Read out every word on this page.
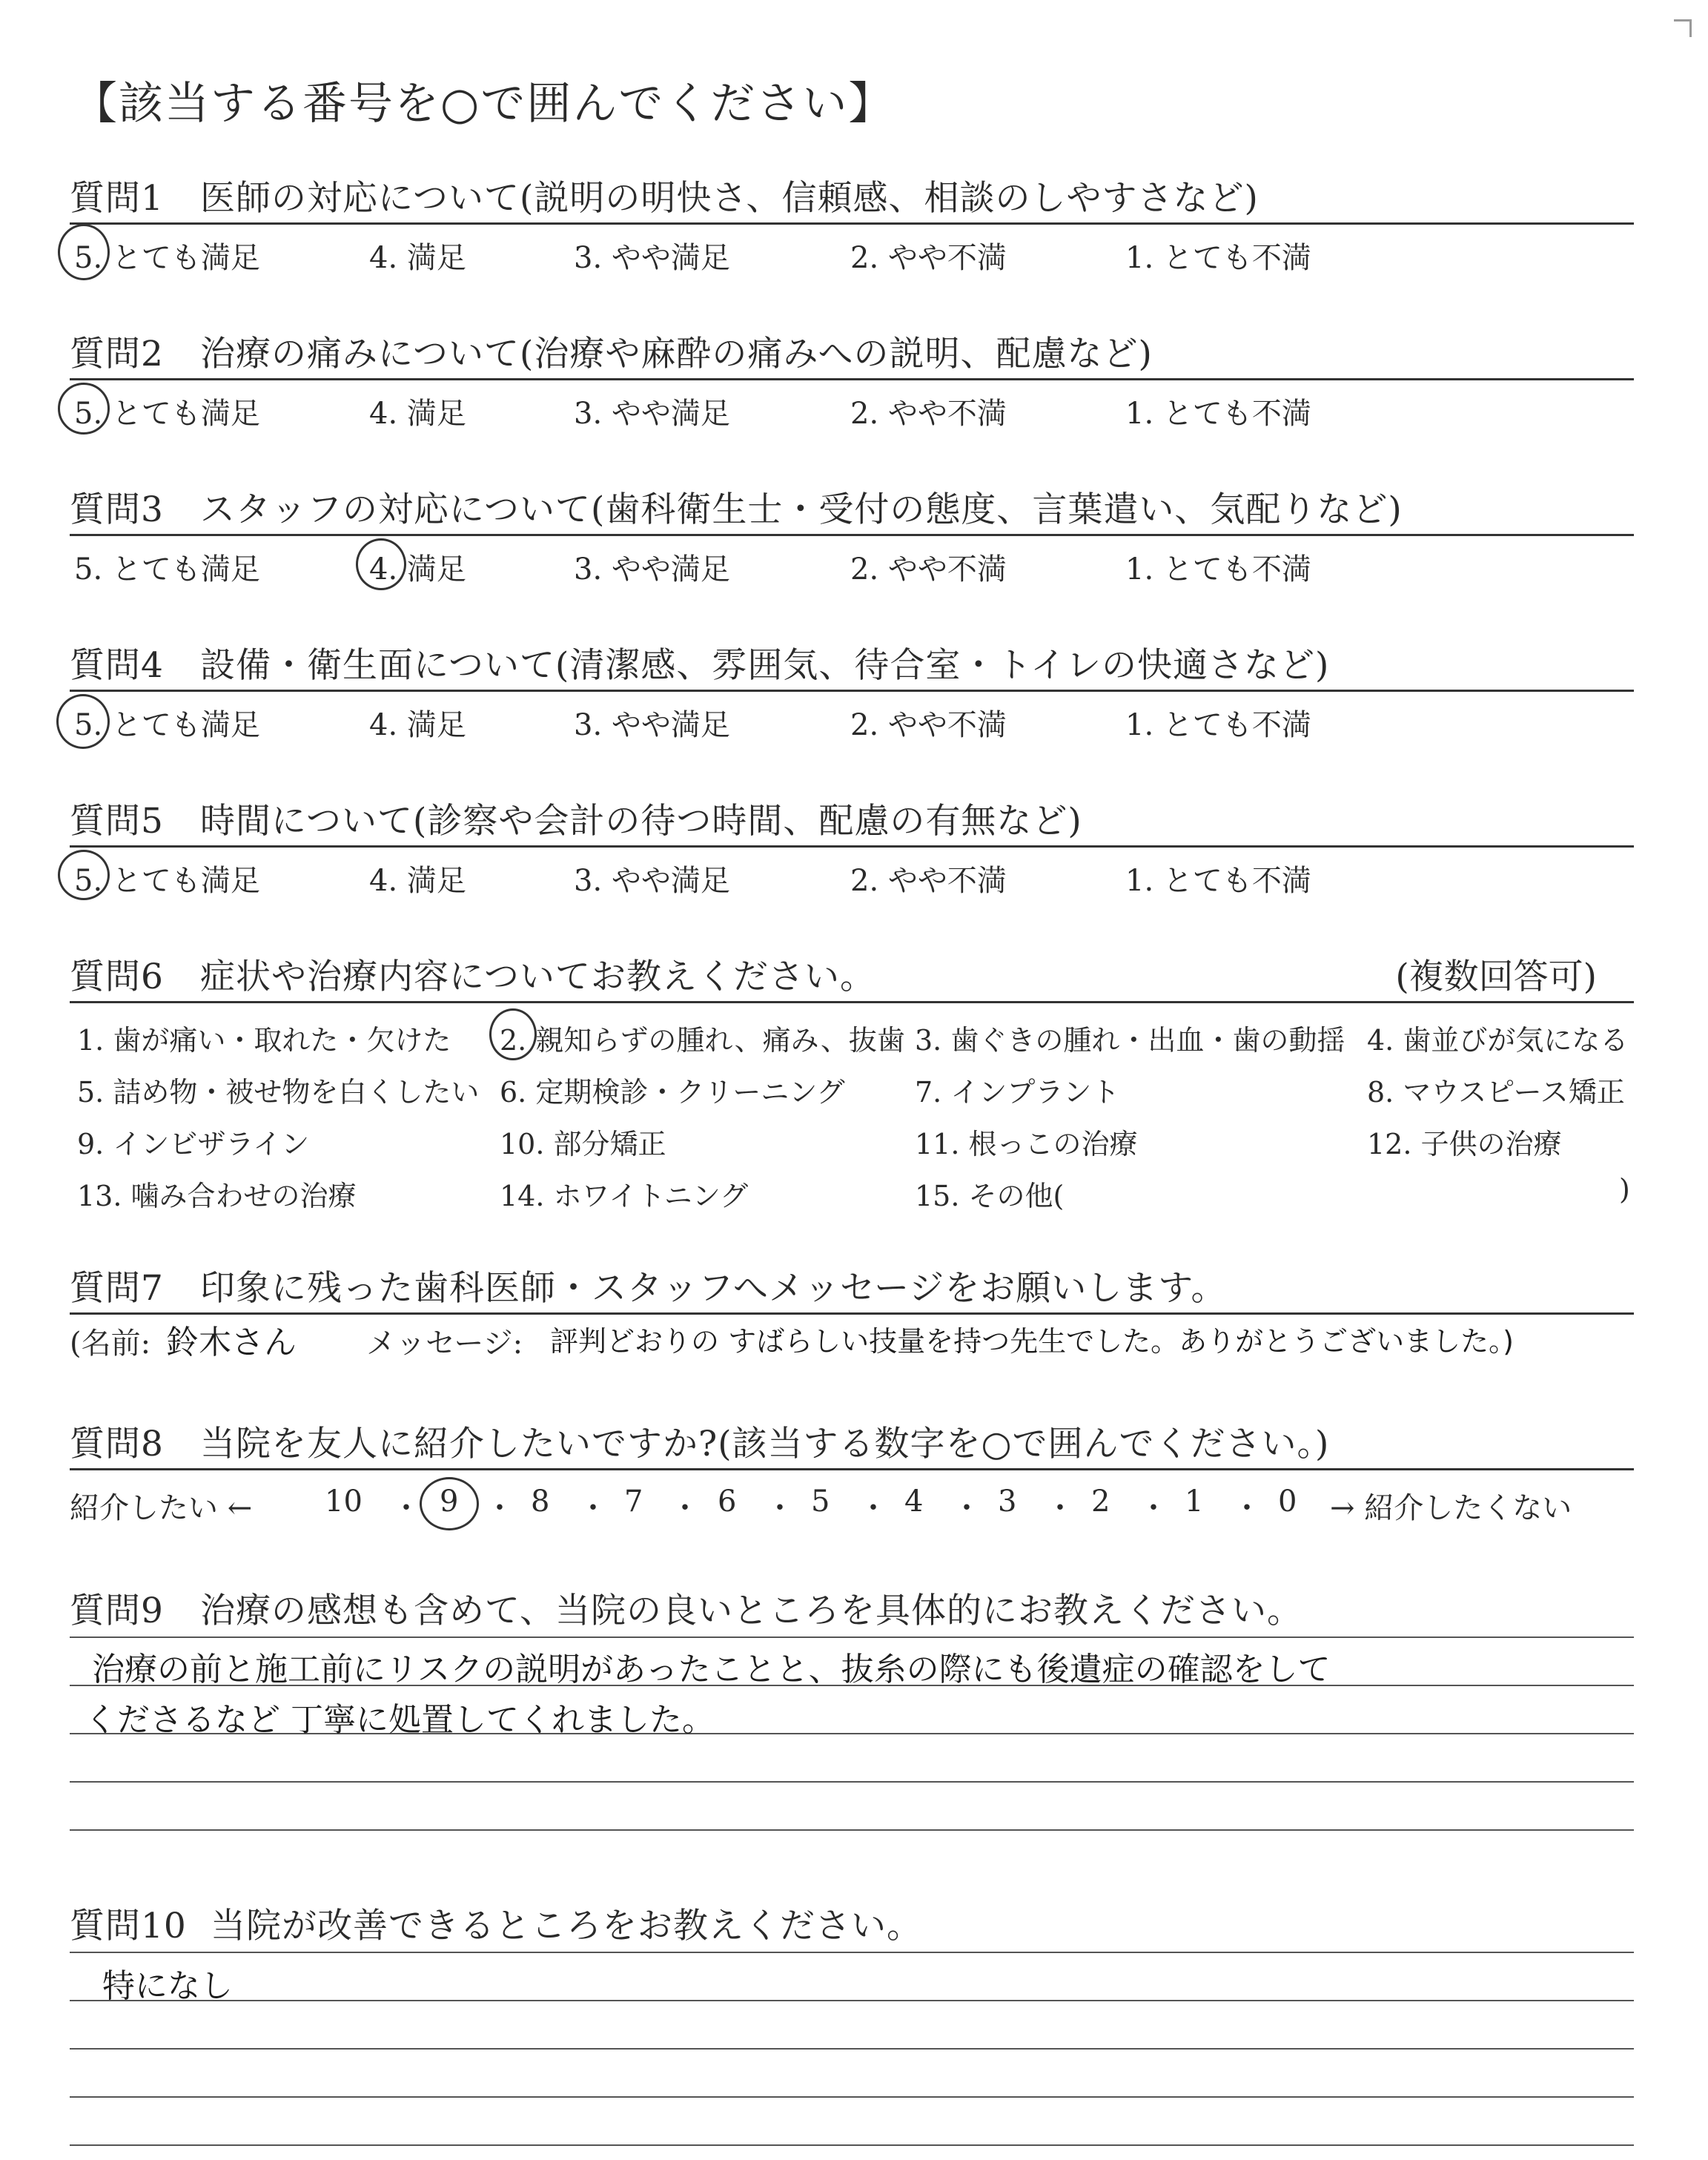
【該当する番号を○で囲んでください】
質問1 医師の対応について(説明の明快さ、信頼感、相談のしやすさなど)
5. とても満足	4. 満足	3. やや満足	2. やや不満	1. とても不満
質問2 治療の痛みについて(治療や麻酔の痛みへの説明、配慮など)
5. とても満足	4. 満足	3. やや満足	2. やや不満	1. とても不満
質問3 スタッフの対応について(歯科衛生士・受付の態度、言葉遣い、気配りなど)
5. とても満足	4. 満足	3. やや満足	2. やや不満	1. とても不満
質問4 設備・衛生面について(清潔感、雰囲気、待合室・トイレの快適さなど)
5. とても満足	4. 満足	3. やや満足	2. やや不満	1. とても不満
質問5 時間について(診察や会計の待つ時間、配慮の有無など)
5. とても満足	4. 満足	3. やや満足	2. やや不満	1. とても不満
質問6 症状や治療内容についてお教えください。	(複数回答可)
1. 歯が痛い・取れた・欠けた 2. 親知らずの腫れ、痛み、抜歯 3. 歯ぐきの腫れ・出血・歯の動揺 4. 歯並びが気になる
5. 詰め物・被せ物を白くしたい 6. 定期検診・クリーニング 7. インプラント	8. マウスピース矯正
9. インビザライン	10. 部分矯正	11. 根っこの治療	12. 子供の治療
13. 噛み合わせの治療	14. ホワイトニング	15. その他(	)
質問7 印象に残った歯科医師・スタッフへメッセージをお願いします。
(名前: 鈴木さん メッセージ: 評判どおりの すばらしい技量を持つ先生でした。ありがとうございました。)
質問8 当院を友人に紹介したいですか?(該当する数字を○で囲んでください。)
紹介したい ← 10 ・ 9 ・ 8 ・ 7 ・ 6 ・ 5 ・ 4 ・ 3 ・ 2 ・ 1 ・ 0 → 紹介したくない
質問9 治療の感想も含めて、当院の良いところを具体的にお教えください。
治療の前と施工前にリスクの説明があったことと、抜糸の際にも後遺症の確認をして
くださるなど 丁寧に処置してくれました。
質問10 当院が改善できるところをお教えください。
特になし
